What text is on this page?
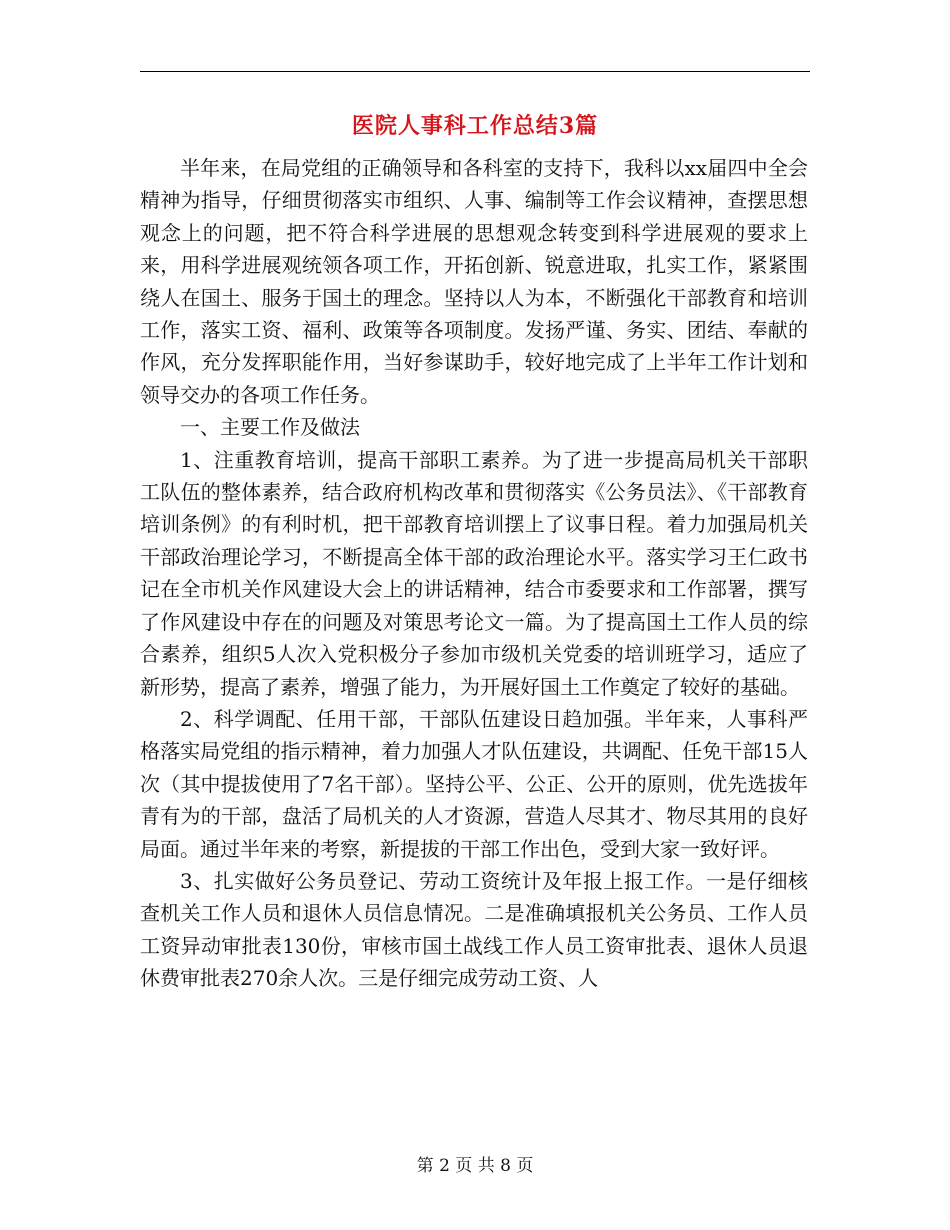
医院人事科工作总结3篇

半年来，在局党组的正确领导和各科室的支持下，我科以xx届四中全会精神为指导，仔细贯彻落实市组织、人事、编制等工作会议精神，查摆思想观念上的问题，把不符合科学进展的思想观念转变到科学进展观的要求上来，用科学进展观统领各项工作，开拓创新、锐意进取，扎实工作，紧紧围绕人在国土、服务于国土的理念。坚持以人为本，不断强化干部教育和培训工作，落实工资、福利、政策等各项制度。发扬严谨、务实、团结、奉献的作风，充分发挥职能作用，当好参谋助手，较好地完成了上半年工作计划和领导交办的各项工作任务。

一、主要工作及做法

1、注重教育培训，提高干部职工素养。为了进一步提高局机关干部职工队伍的整体素养，结合政府机构改革和贯彻落实《公务员法》、《干部教育培训条例》的有利时机，把干部教育培训摆上了议事日程。着力加强局机关干部政治理论学习，不断提高全体干部的政治理论水平。落实学习王仁政书记在全市机关作风建设大会上的讲话精神，结合市委要求和工作部署，撰写了作风建设中存在的问题及对策思考论文一篇。为了提高国土工作人员的综合素养，组织5人次入党积极分子参加市级机关党委的培训班学习，适应了新形势，提高了素养，增强了能力，为开展好国土工作奠定了较好的基础。

2、科学调配、任用干部，干部队伍建设日趋加强。半年来，人事科严格落实局党组的指示精神，着力加强人才队伍建设，共调配、任免干部15人次（其中提拔使用了7名干部）。坚持公平、公正、公开的原则，优先选拔年青有为的干部，盘活了局机关的人才资源，营造人尽其才、物尽其用的良好局面。通过半年来的考察，新提拔的干部工作出色，受到大家一致好评。

3、扎实做好公务员登记、劳动工资统计及年报上报工作。一是仔细核查机关工作人员和退休人员信息情况。二是准确填报机关公务员、工作人员工资异动审批表130份，审核市国土战线工作人员工资审批表、退休人员退休费审批表270余人次。三是仔细完成劳动工资、人

第 2 页 共 8 页
